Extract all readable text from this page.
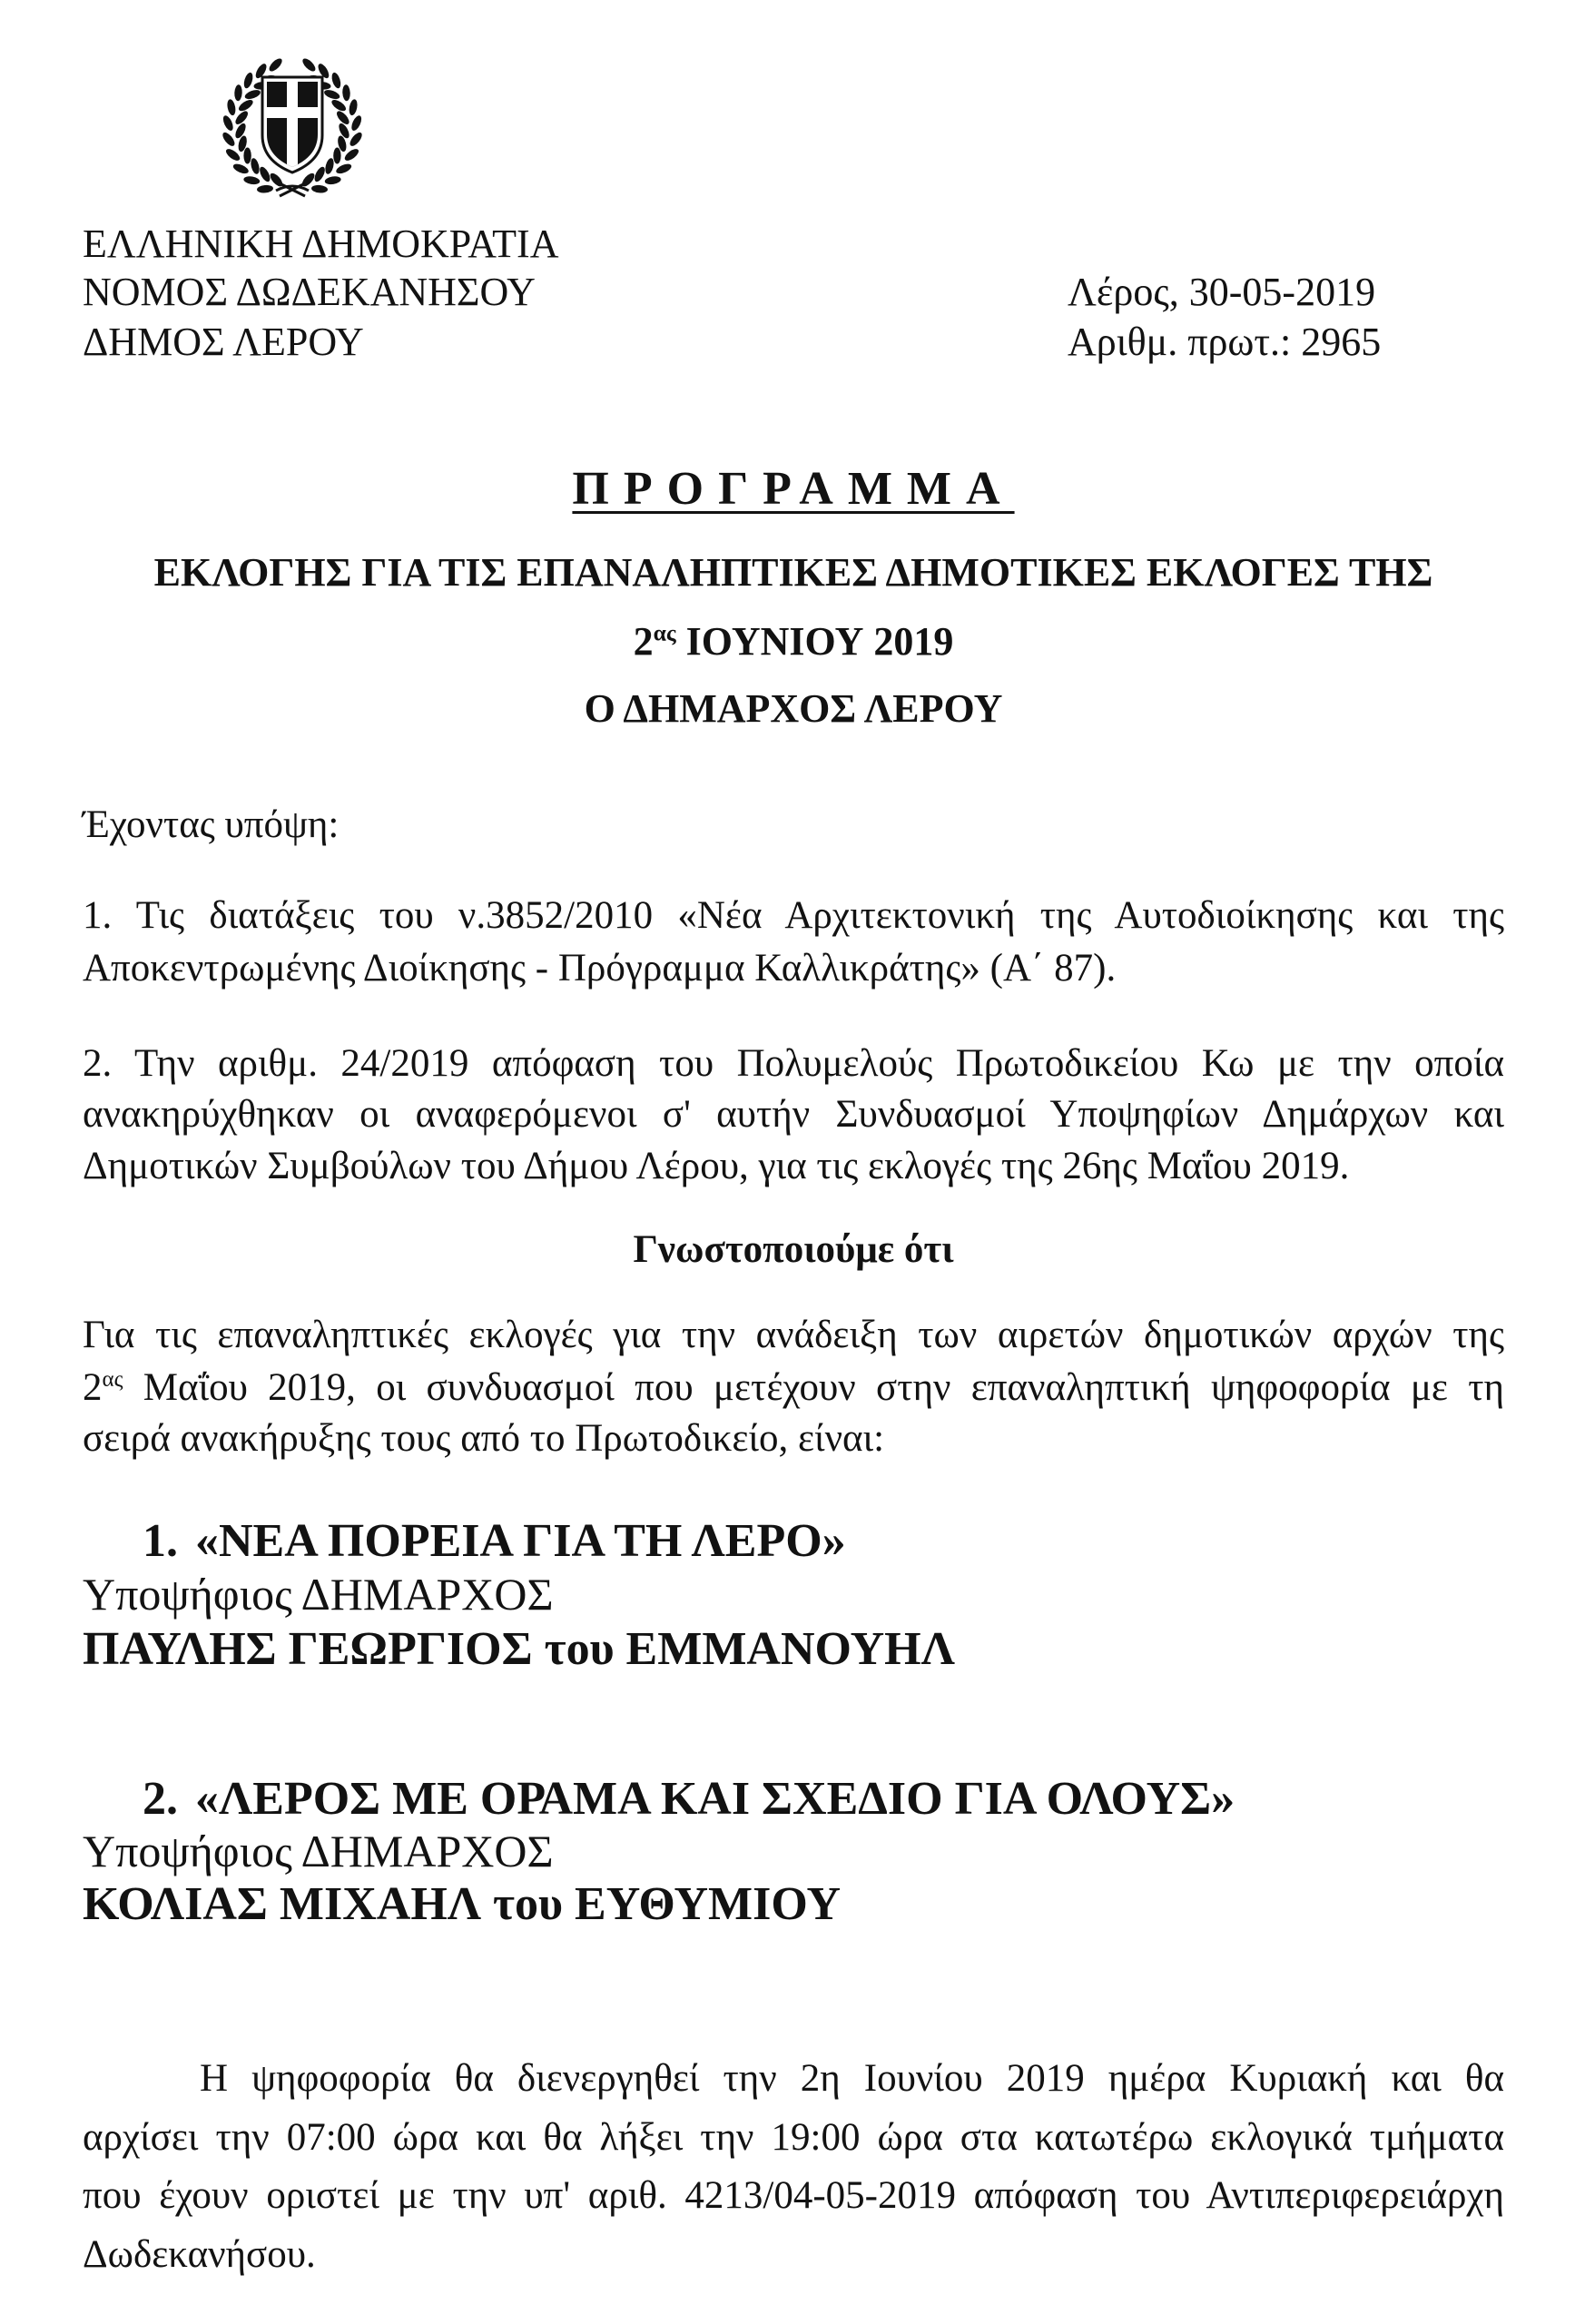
ΕΛΛΗΝΙΚΗ ΔΗΜΟΚΡΑΤΙΑ
ΝΟΜΟΣ ΔΩΔΕΚΑΝΗΣΟΥ
ΔΗΜΟΣ ΛΕΡΟΥ
Λέρος, 30-05-2019
Αριθμ. πρωτ.: 2965
ΠΡΟΓΡΑΜΜΑ
ΕΚΛΟΓΗΣ ΓΙΑ ΤΙΣ ΕΠΑΝΑΛΗΠΤΙΚΕΣ ΔΗΜΟΤΙΚΕΣ ΕΚΛΟΓΕΣ ΤΗΣ
$2^{\alpha\varsigma}$ ΙΟΥΝΙΟΥ 2019
Ο ΔΗΜΑΡΧΟΣ ΛΕΡΟΥ
Έχοντας υπόψη:
1. Τις διατάξεις του ν.3852/2010 «Νέα Αρχιτεκτονική της Αυτοδιοίκησης και της
Αποκεντρωμένης Διοίκησης - Πρόγραμμα Καλλικράτης» (Α΄ 87).
2. Την αριθμ. 24/2019 απόφαση του Πολυμελούς Πρωτοδικείου Κω με την οποία
ανακηρύχθηκαν οι αναφερόμενοι σ' αυτήν Συνδυασμοί Υποψηφίων Δημάρχων και
Δημοτικών Συμβούλων του Δήμου Λέρου, για τις εκλογές της 26ης Μαΐου 2019.
Γνωστοποιούμε ότι
Για τις επαναληπτικές εκλογές για την ανάδειξη των αιρετών δημοτικών αρχών της
$2^{\alpha\varsigma}$ Μαΐου 2019, οι συνδυασμοί που μετέχουν στην επαναληπτική ψηφοφορία με τη
σειρά ανακήρυξης τους από το Πρωτοδικείο, είναι:
1. «ΝΕΑ ΠΟΡΕΙΑ ΓΙΑ ΤΗ ΛΕΡΟ»
Υποψήφιος ΔΗΜΑΡΧΟΣ
ΠΑΥΛΗΣ ΓΕΩΡΓΙΟΣ του ΕΜΜΑΝΟΥΗΛ
2. «ΛΕΡΟΣ ΜΕ ΟΡΑΜΑ ΚΑΙ ΣΧΕΔΙΟ ΓΙΑ ΟΛΟΥΣ»
Υποψήφιος ΔΗΜΑΡΧΟΣ
ΚΟΛΙΑΣ ΜΙΧΑΗΛ του ΕΥΘΥΜΙΟΥ
Η ψηφοφορία θα διενεργηθεί την 2η Ιουνίου 2019 ημέρα Κυριακή και θα
αρχίσει την 07:00 ώρα και θα λήξει την 19:00 ώρα στα κατωτέρω εκλογικά τμήματα
που έχουν οριστεί με την υπ' αριθ. 4213/04-05-2019 απόφαση του Αντιπεριφερειάρχη
Δωδεκανήσου.
